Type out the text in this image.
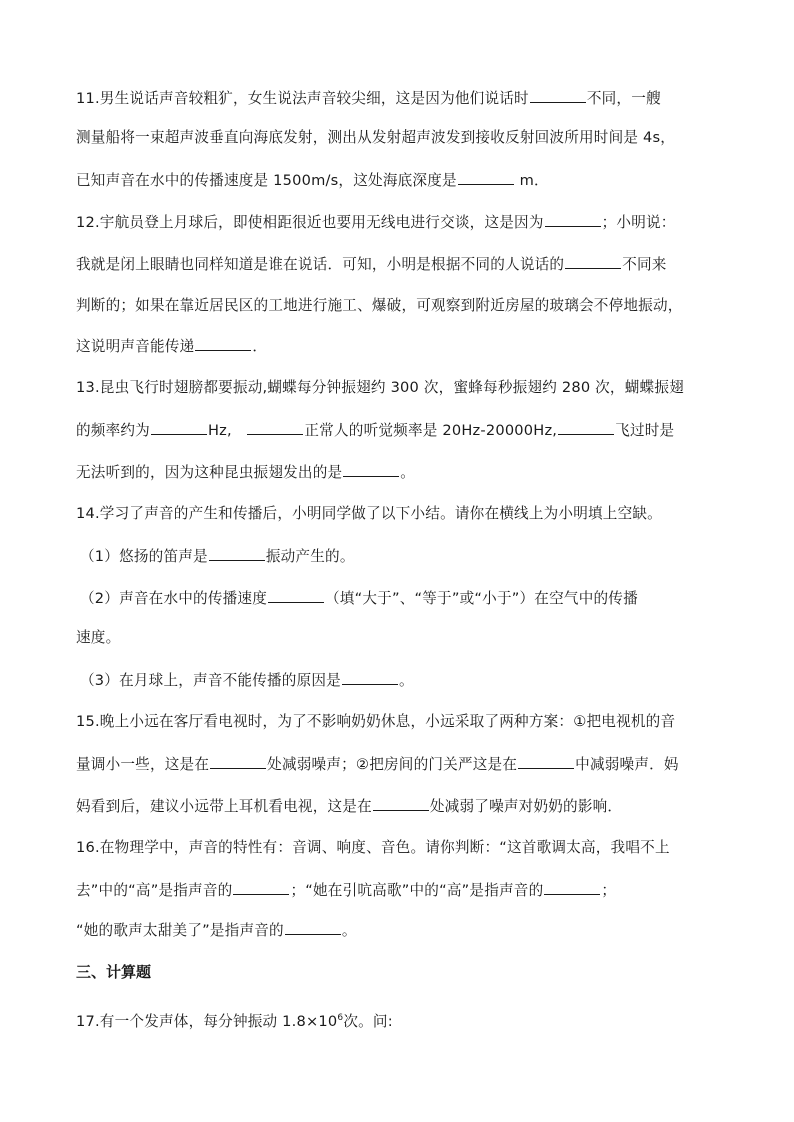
11.男生说话声音较粗犷，女生说法声音较尖细，这是因为他们说话时	不同，一艘
测量船将一束超声波垂直向海底发射，测出从发射超声波发到接收反射回波所用时间是 4s，
已知声音在水中的传播速度是 1500m/s，这处海底深度是	m．
12.宇航员登上月球后，即使相距很近也要用无线电进行交谈，这是因为	；小明说：
我就是闭上眼睛也同样知道是谁在说话．可知，小明是根据不同的人说话的	不同来
判断的；如果在靠近居民区的工地进行施工、爆破，可观察到附近房屋的玻璃会不停地振动，
这说明声音能传递	．
13.昆虫飞行时翅膀都要振动,蝴蝶每分钟振翅约 300 次，蜜蜂每秒振翅约 280 次，蝴蝶振翅
的频率约为	Hz,	正常人的听觉频率是 20Hz-20000Hz,	飞过时是
无法听到的，因为这种昆虫振翅发出的是	。
14.学习了声音的产生和传播后，小明同学做了以下小结。请你在横线上为小明填上空缺。
（1）悠扬的笛声是	振动产生的。
（2）声音在水中的传播速度	（填“大于”、“等于”或“小于”）在空气中的传播
速度。
（3）在月球上，声音不能传播的原因是	。
15.晚上小远在客厅看电视时，为了不影响奶奶休息，小远采取了两种方案：①把电视机的音
量调小一些，这是在	处减弱噪声；②把房间的门关严这是在	中减弱噪声．妈
妈看到后，建议小远带上耳机看电视，这是在	处减弱了噪声对奶奶的影响．
16.在物理学中，声音的特性有：音调、响度、音色。请你判断：“这首歌调太高，我唱不上
去”中的“高”是指声音的	；“她在引吭高歌”中的“高”是指声音的	；
“她的歌声太甜美了”是指声音的	。
三、计算题
17.有一个发声体，每分钟振动 $1.8\times 10^6$次。问:
